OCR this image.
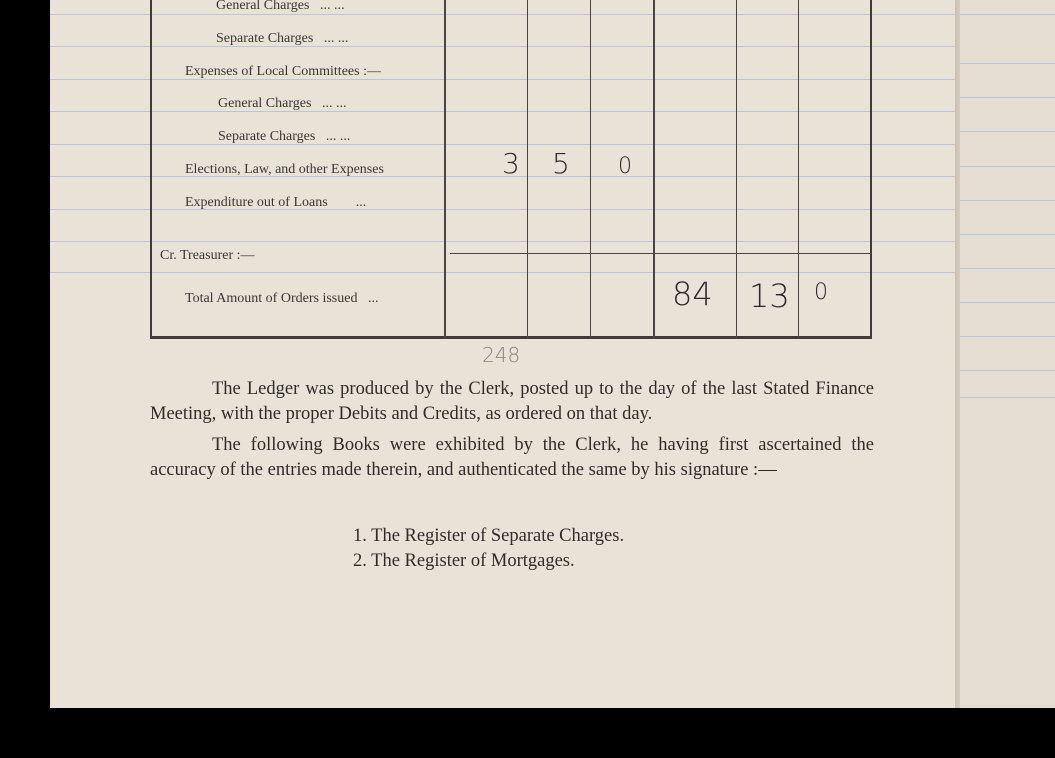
General Charges ... ...
Separate Charges ... ...
Expenses of Local Committees :—
General Charges ... ...
Separate Charges ... ...
Elections, Law, and other Expenses
Expenditure out of Loans ...
Cr. Treasurer :—
Total Amount of Orders issued ...
3 5 0
84 13 0
248
The Ledger was produced by the Clerk, posted up to the day of the last Stated Finance Meeting, with the proper Debits and Credits, as ordered on that day.
The following Books were exhibited by the Clerk, he having first ascertained the accuracy of the entries made therein, and authenticated the same by his signature :—
1. The Register of Separate Charges.
2. The Register of Mortgages.
